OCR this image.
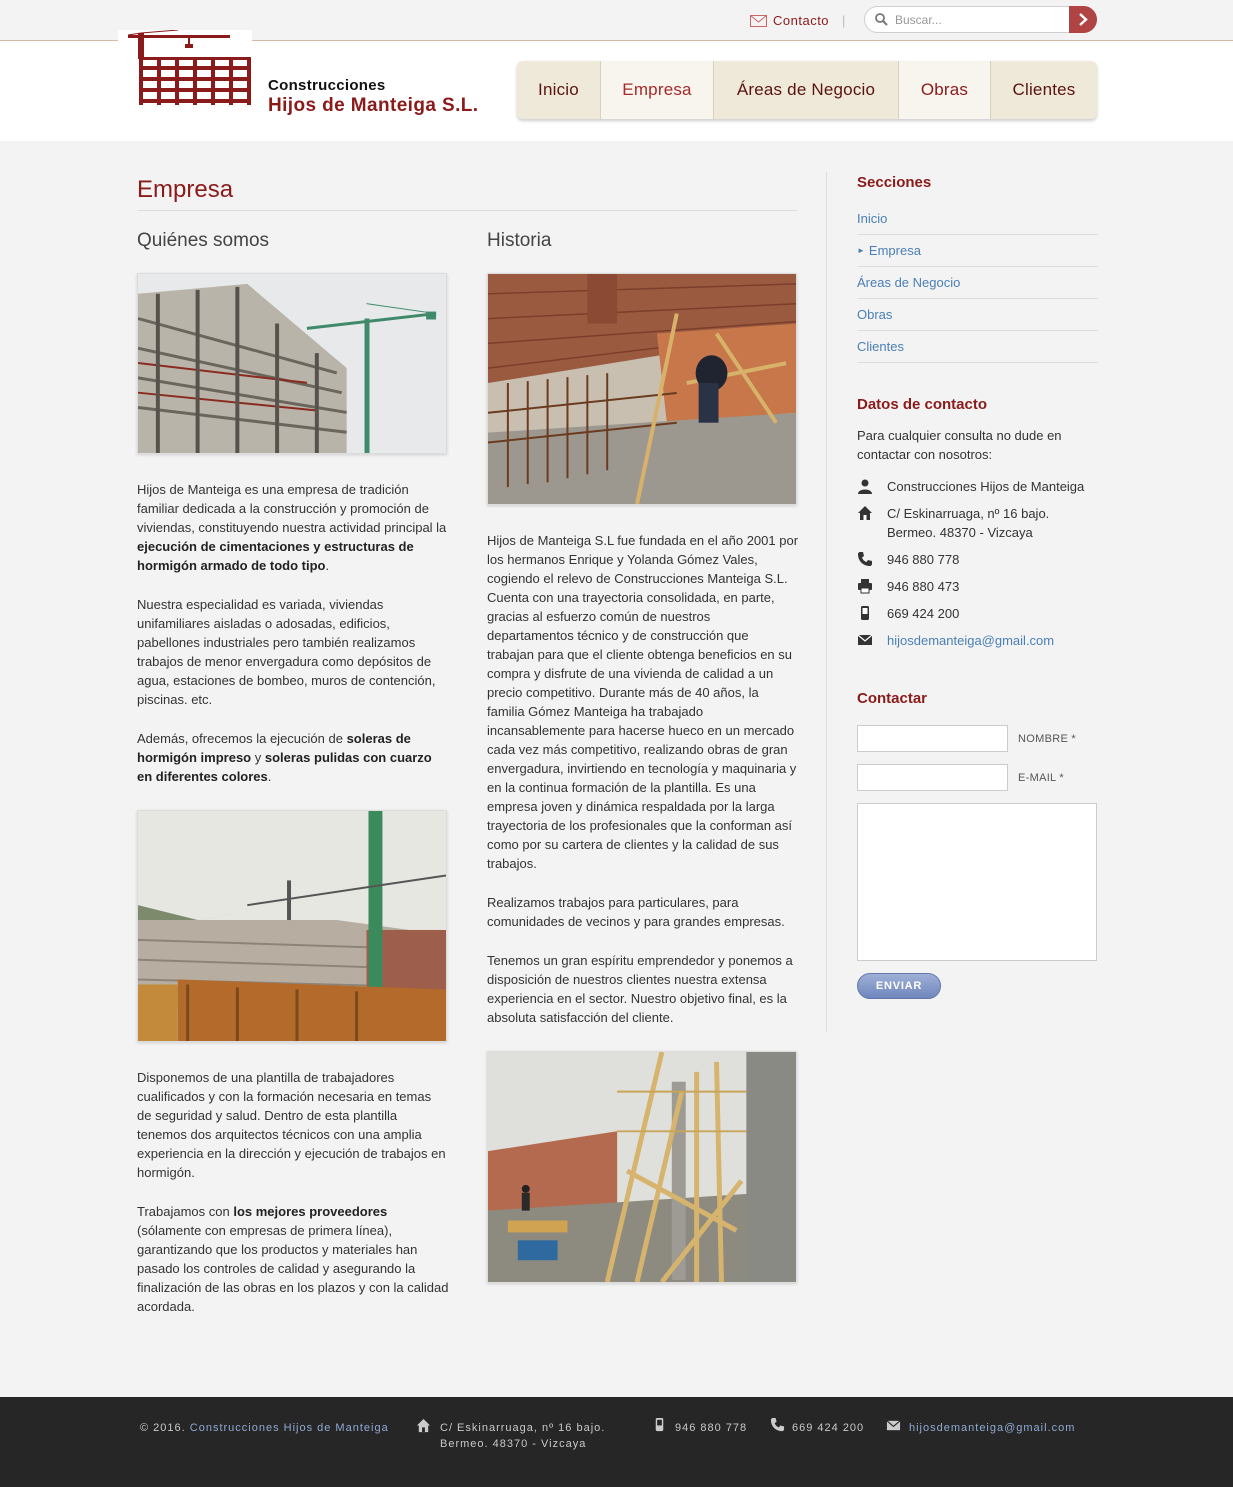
Contacto |
Buscar...
Construcciones
Hijos de Manteiga S.L.
Inicio	Empresa	Áreas de Negocio	Obras	Clientes
Empresa
Quiénes somos	Historia
Hijos de Manteiga es una empresa de tradición familiar dedicada a la construcción y promoción de viviendas, constituyendo nuestra actividad principal la ejecución de cimentaciones y estructuras de hormigón armado de todo tipo.
Nuestra especialidad es variada, viviendas unifamiliares aisladas o adosadas, edificios, pabellones industriales pero también realizamos trabajos de menor envergadura como depósitos de agua, estaciones de bombeo, muros de contención, piscinas. etc.
Además, ofrecemos la ejecución de soleras de hormigón impreso y soleras pulidas con cuarzo en diferentes colores.
Disponemos de una plantilla de trabajadores cualificados y con la formación necesaria en temas de seguridad y salud. Dentro de esta plantilla tenemos dos arquitectos técnicos con una amplia experiencia en la dirección y ejecución de trabajos en hormigón.
Trabajamos con los mejores proveedores (sólamente con empresas de primera línea), garantizando que los productos y materiales han pasado los controles de calidad y asegurando la finalización de las obras en los plazos y con la calidad acordada.
Hijos de Manteiga S.L fue fundada en el año 2001 por los hermanos Enrique y Yolanda Gómez Vales, cogiendo el relevo de Construcciones Manteiga S.L. Cuenta con una trayectoria consolidada, en parte, gracias al esfuerzo común de nuestros departamentos técnico y de construcción que trabajan para que el cliente obtenga beneficios en su compra y disfrute de una vivienda de calidad a un precio competitivo. Durante más de 40 años, la familia Gómez Manteiga ha trabajado incansablemente para hacerse hueco en un mercado cada vez más competitivo, realizando obras de gran envergadura, invirtiendo en tecnología y maquinaria y en la continua formación de la plantilla. Es una empresa joven y dinámica respaldada por la larga trayectoria de los profesionales que la conforman así como por su cartera de clientes y la calidad de sus trabajos.
Realizamos trabajos para particulares, para comunidades de vecinos y para grandes empresas.
Tenemos un gran espíritu emprendedor y ponemos a disposición de nuestros clientes nuestra extensa experiencia en el sector. Nuestro objetivo final, es la absoluta satisfacción del cliente.
Secciones
Inicio
► Empresa
Áreas de Negocio
Obras
Clientes
Datos de contacto
Para cualquier consulta no dude en contactar con nosotros:
Construcciones Hijos de Manteiga
C/ Eskinarruaga, nº 16 bajo.
Bermeo. 48370 - Vizcaya
946 880 778
946 880 473
669 424 200
hijosdemanteiga@gmail.com
Contactar
NOMBRE *
E-MAIL *
ENVIAR
© 2016. Construcciones Hijos de Manteiga	C/ Eskinarruaga, nº 16 bajo.
Bermeo. 48370 - Vizcaya
946 880 778	669 424 200	hijosdemanteiga@gmail.com
